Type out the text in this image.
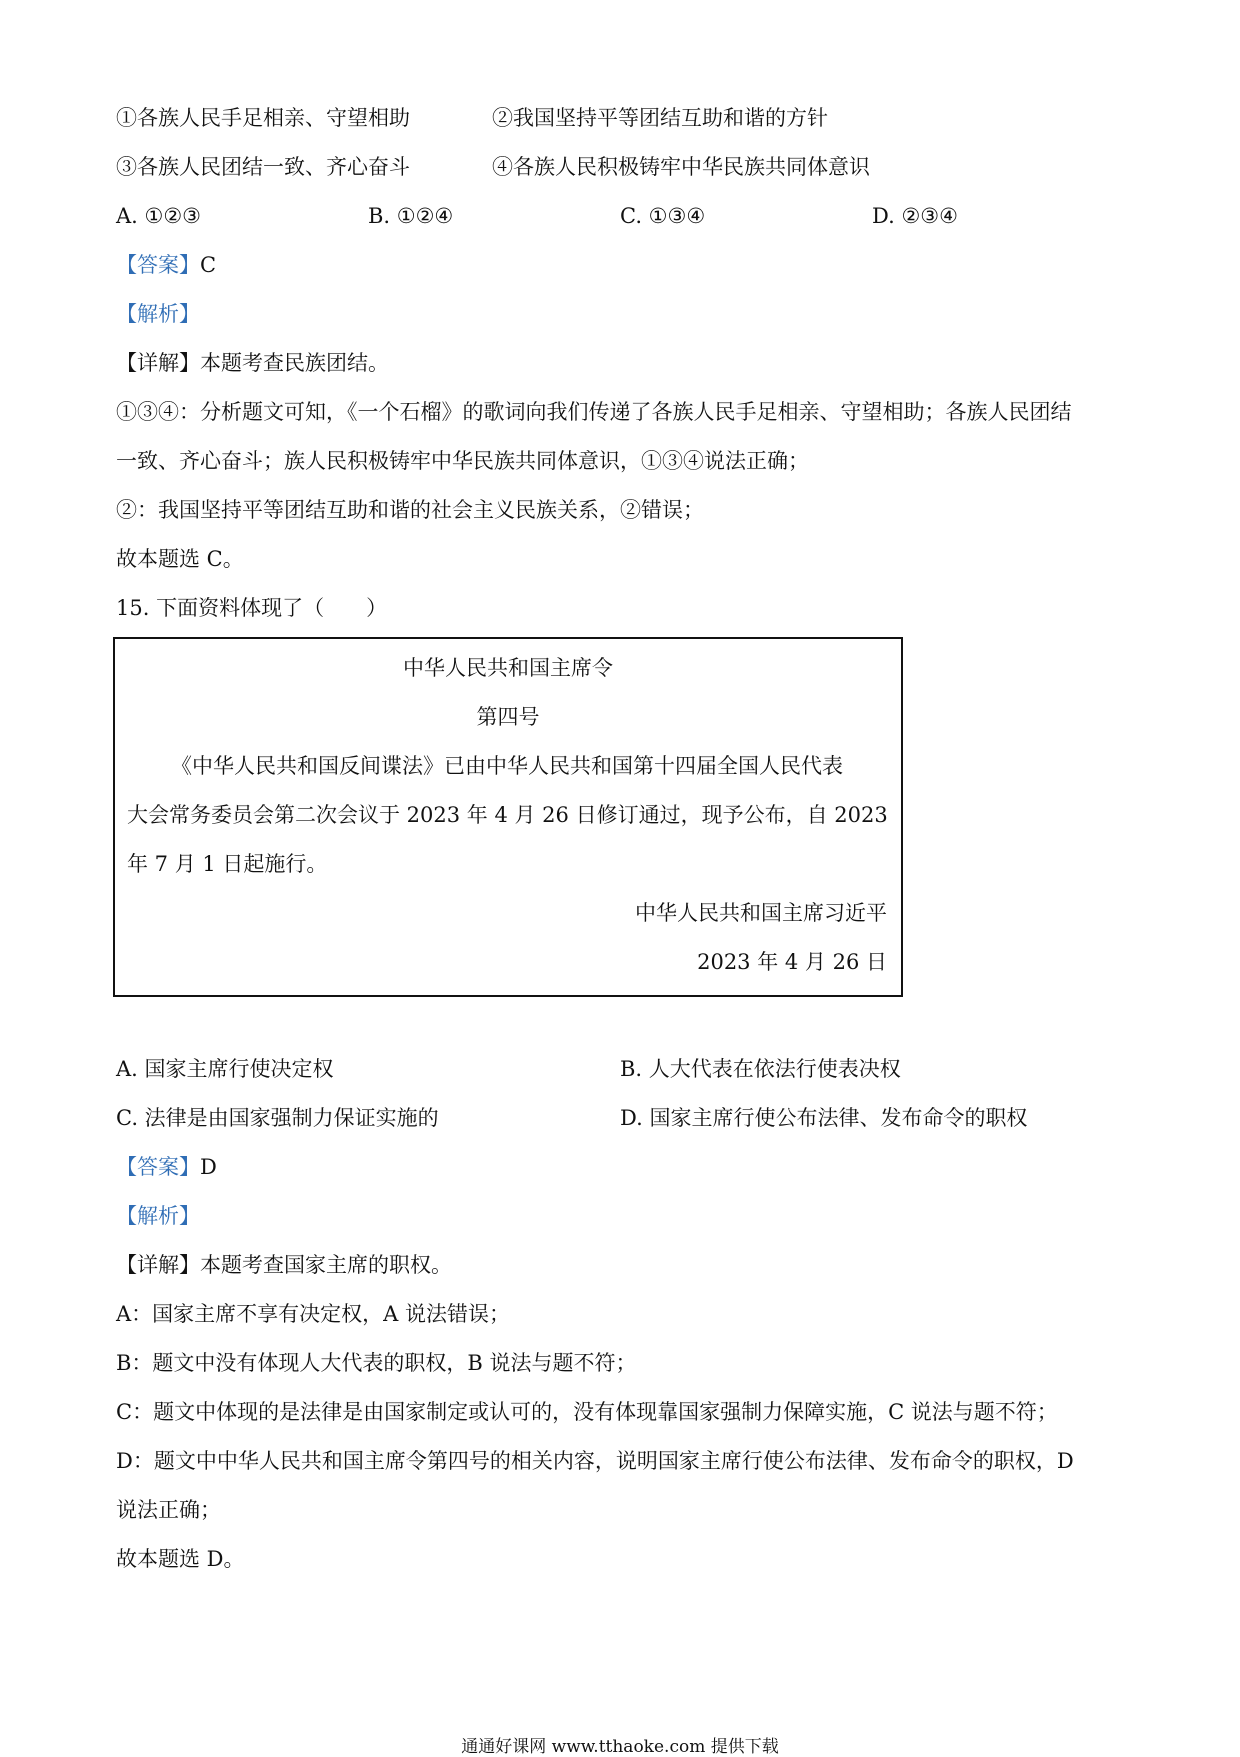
①各族人民手足相亲、守望相助	②我国坚持平等团结互助和谐的方针
③各族人民团结一致、齐心奋斗	④各族人民积极铸牢中华民族共同体意识
A. ①②③	B. ①②④	C. ①③④	D. ②③④
【答案】C
【解析】
【详解】本题考查民族团结。
①③④：分析题文可知，《一个石榴》的歌词向我们传递了各族人民手足相亲、守望相助；各族人民团结
一致、齐心奋斗；族人民积极铸牢中华民族共同体意识，①③④说法正确；
②：我国坚持平等团结互助和谐的社会主义民族关系，②错误；
故本题选 C。
15. 下面资料体现了（　　）
中华人民共和国主席令
第四号
《中华人民共和国反间谍法》已由中华人民共和国第十四届全国人民代表
大会常务委员会第二次会议于 2023 年 4 月 26 日修订通过，现予公布，自 2023
年 7 月 1 日起施行。
中华人民共和国主席习近平
2023 年 4 月 26 日
A. 国家主席行使决定权	B. 人大代表在依法行使表决权
C. 法律是由国家强制力保证实施的	D. 国家主席行使公布法律、发布命令的职权
【答案】D
【解析】
【详解】本题考查国家主席的职权。
A：国家主席不享有决定权，A 说法错误；
B：题文中没有体现人大代表的职权，B 说法与题不符；
C：题文中体现的是法律是由国家制定或认可的，没有体现靠国家强制力保障实施，C 说法与题不符；
D：题文中中华人民共和国主席令第四号的相关内容，说明国家主席行使公布法律、发布命令的职权，D
说法正确；
故本题选 D。
通通好课网 www.tthaoke.com 提供下载
